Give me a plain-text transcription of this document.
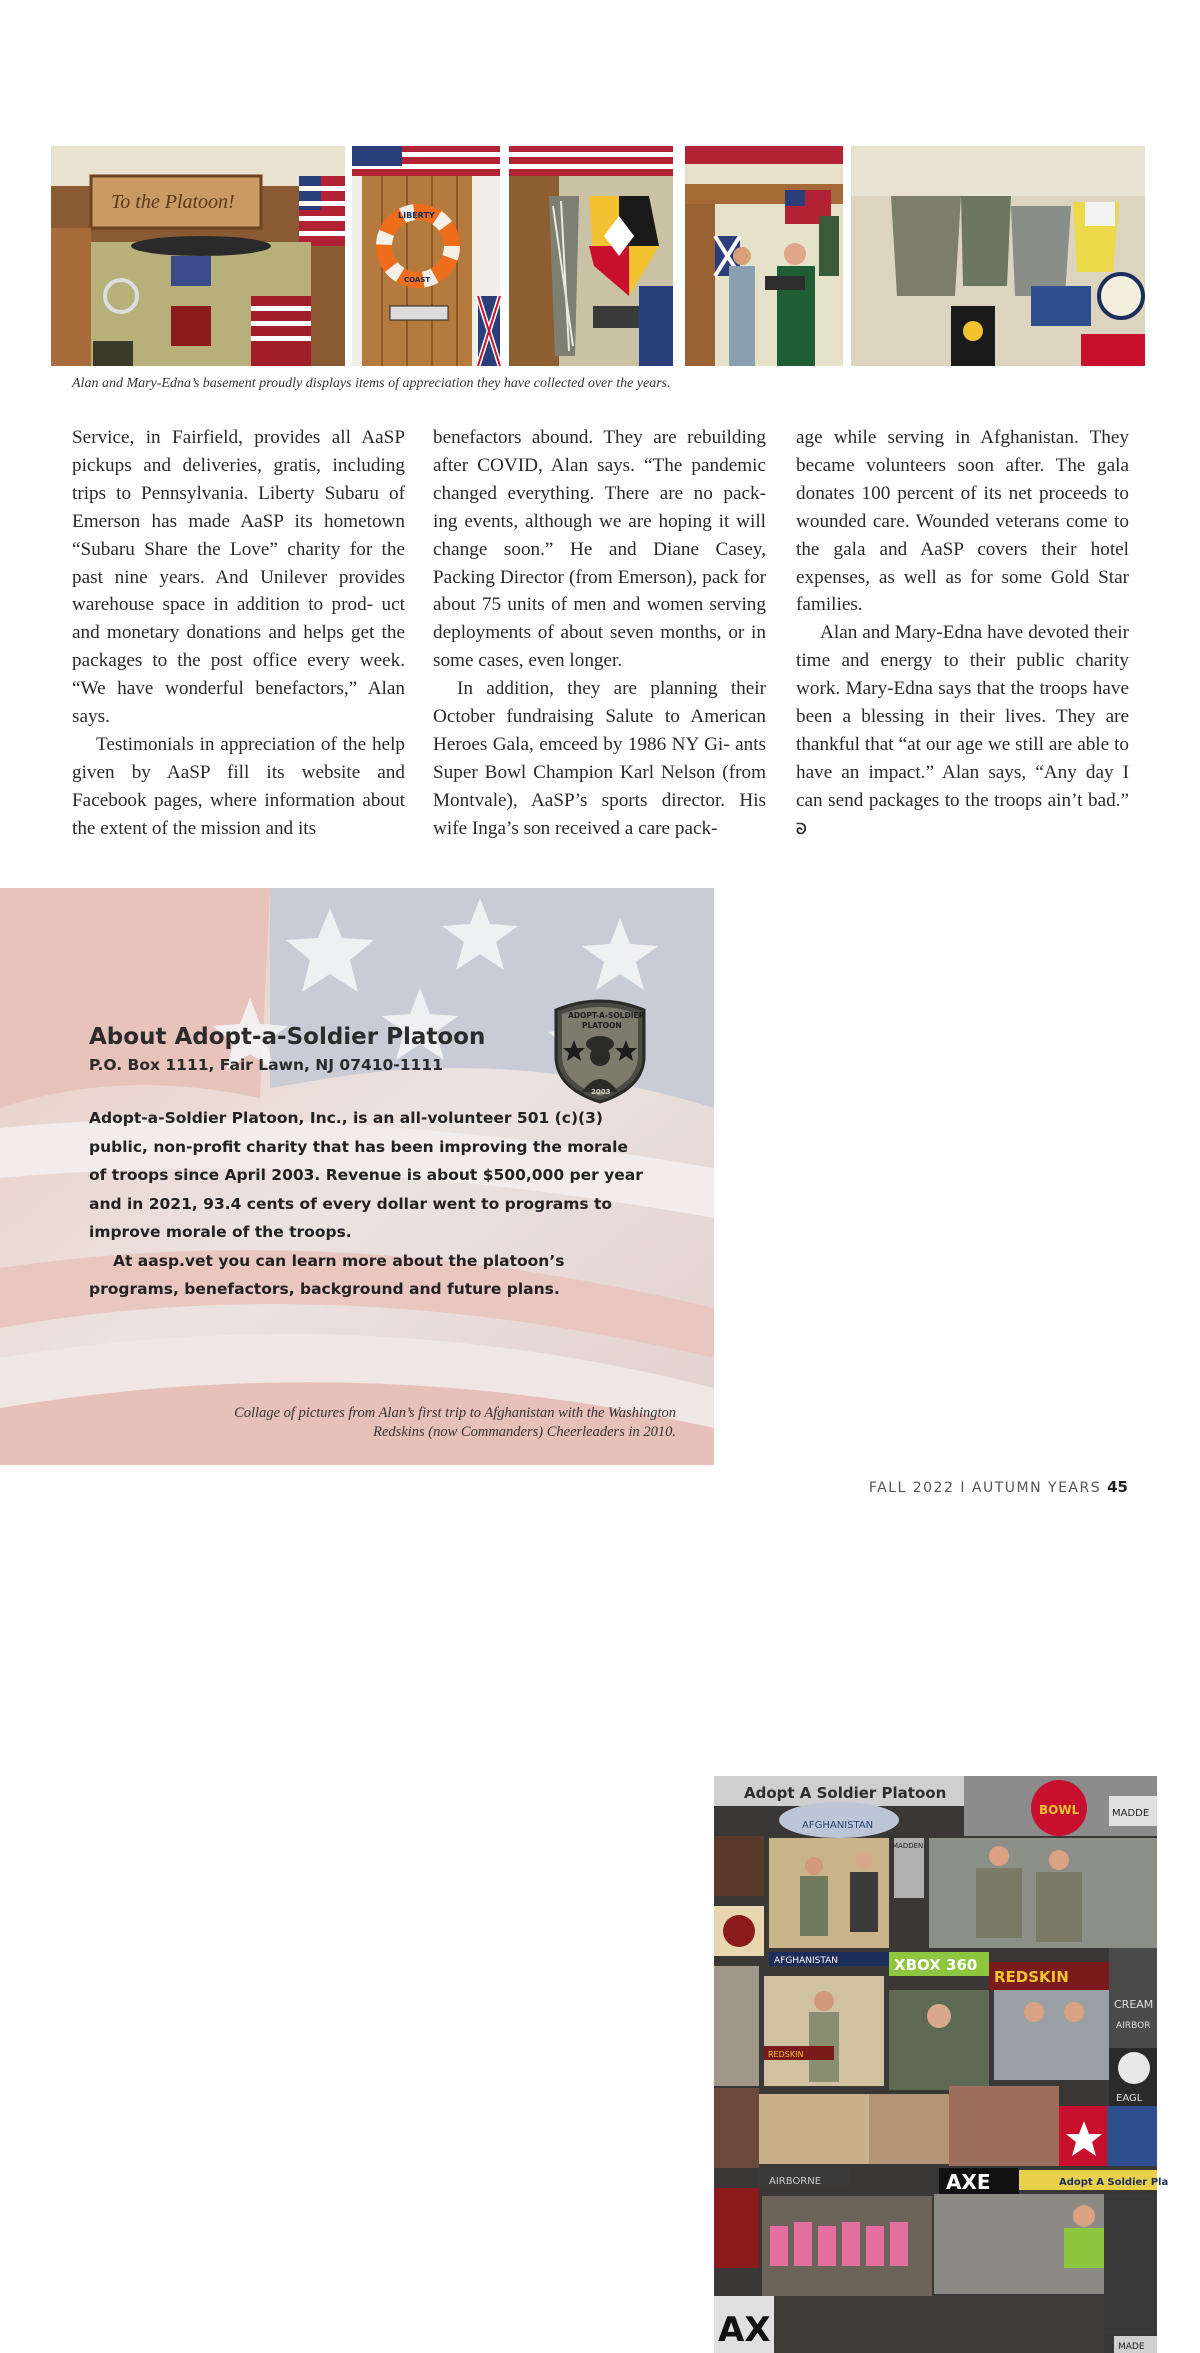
To the Platoon!
LIBERTY
COAST
Alan and Mary-Edna’s basement proudly displays items of appreciation they have collected over the years.

Service, in Fairfield, provides all AaSP pickups and deliveries, gratis, including trips to Pennsylvania. Liberty Subaru of Emerson has made AaSP its hometown “Subaru Share the Love” charity for the past nine years. And Unilever provides warehouse space in addition to prod- uct and monetary donations and helps get the packages to the post office every week. “We have wonderful benefactors,” Alan says.

Testimonials in appreciation of the help given by AaSP fill its website and Facebook pages, where information about the extent of the mission and its

benefactors abound. They are rebuilding after COVID, Alan says. “The pandemic changed everything. There are no pack- ing events, although we are hoping it will change soon.” He and Diane Casey, Packing Director (from Emerson), pack for about 75 units of men and women serving deployments of about seven months, or in some cases, even longer.

In addition, they are planning their October fundraising Salute to American Heroes Gala, emceed by 1986 NY Gi- ants Super Bowl Champion Karl Nelson (from Montvale), AaSP’s sports director. His wife Inga’s son received a care pack-

age while serving in Afghanistan. They became volunteers soon after. The gala donates 100 percent of its net proceeds to wounded care. Wounded veterans come to the gala and AaSP covers their hotel expenses, as well as for some Gold Star families.

Alan and Mary-Edna have devoted their time and energy to their public charity work. Mary-Edna says that the troops have been a blessing in their lives. They are thankful that “at our age we still are able to have an impact.” Alan says, “Any day I can send packages to the troops ain’t bad.” ᘐ

Adopt A Soldier Platoon
AFGHANISTAN
BOWL	MADDE
MADDEN
AFGHANISTAN	XBOX 360
REDSKIN
CREAM
AIRBOR
EAGL
REDSKIN
AIRBORNE	AXE	Adopt A Soldier Pla
AX	MADE
About Adopt-a-Soldier Platoon

P.O. Box 1111, Fair Lawn, NJ 07410-1111

Adopt-a-Soldier Platoon, Inc., is an all-volunteer 501 (c)(3) public, non-profit charity that has been improving the morale of troops since April 2003. Revenue is about $500,000 per year and in 2021, 93.4 cents of every dollar went to programs to improve morale of the troops.

At aasp.vet you can learn more about the platoon’s programs, benefactors, background and future plans.

ADOPT-A-SOLDIER
PLATOON
2003
Collage of pictures from Alan’s first trip to Afghanistan with the Washington
Redskins (now Commanders) Cheerleaders in 2010.
FALL 2022 I AUTUMN YEARS 45
